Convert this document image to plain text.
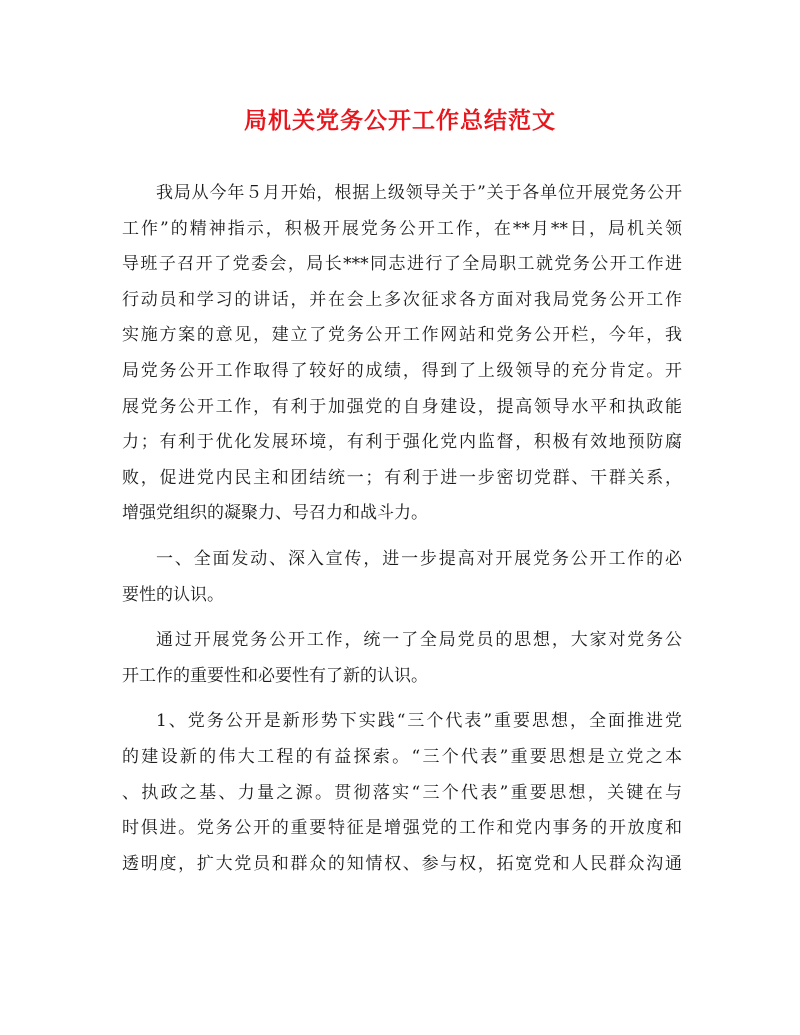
局机关党务公开工作总结范文
我局从今年５月开始，根据上级领导关于”关于各单位开展党务公开
工作”的精神指示，积极开展党务公开工作，在**月**日，局机关领
导班子召开了党委会，局长***同志进行了全局职工就党务公开工作进
行动员和学习的讲话，并在会上多次征求各方面对我局党务公开工作
实施方案的意见，建立了党务公开工作网站和党务公开栏，今年，我
局党务公开工作取得了较好的成绩，得到了上级领导的充分肯定。开
展党务公开工作，有利于加强党的自身建设，提高领导水平和执政能
力；有利于优化发展环境，有利于强化党内监督，积极有效地预防腐
败，促进党内民主和团结统一；有利于进一步密切党群、干群关系，
增强党组织的凝聚力、号召力和战斗力。
一、全面发动、深入宣传，进一步提高对开展党务公开工作的必
要性的认识。
通过开展党务公开工作，统一了全局党员的思想，大家对党务公
开工作的重要性和必要性有了新的认识。
1、党务公开是新形势下实践“三个代表”重要思想，全面推进党
的建设新的伟大工程的有益探索。“三个代表”重要思想是立党之本
、执政之基、力量之源。贯彻落实“三个代表”重要思想，关键在与
时俱进。党务公开的重要特征是增强党的工作和党内事务的开放度和
透明度，扩大党员和群众的知情权、参与权，拓宽党和人民群众沟通
